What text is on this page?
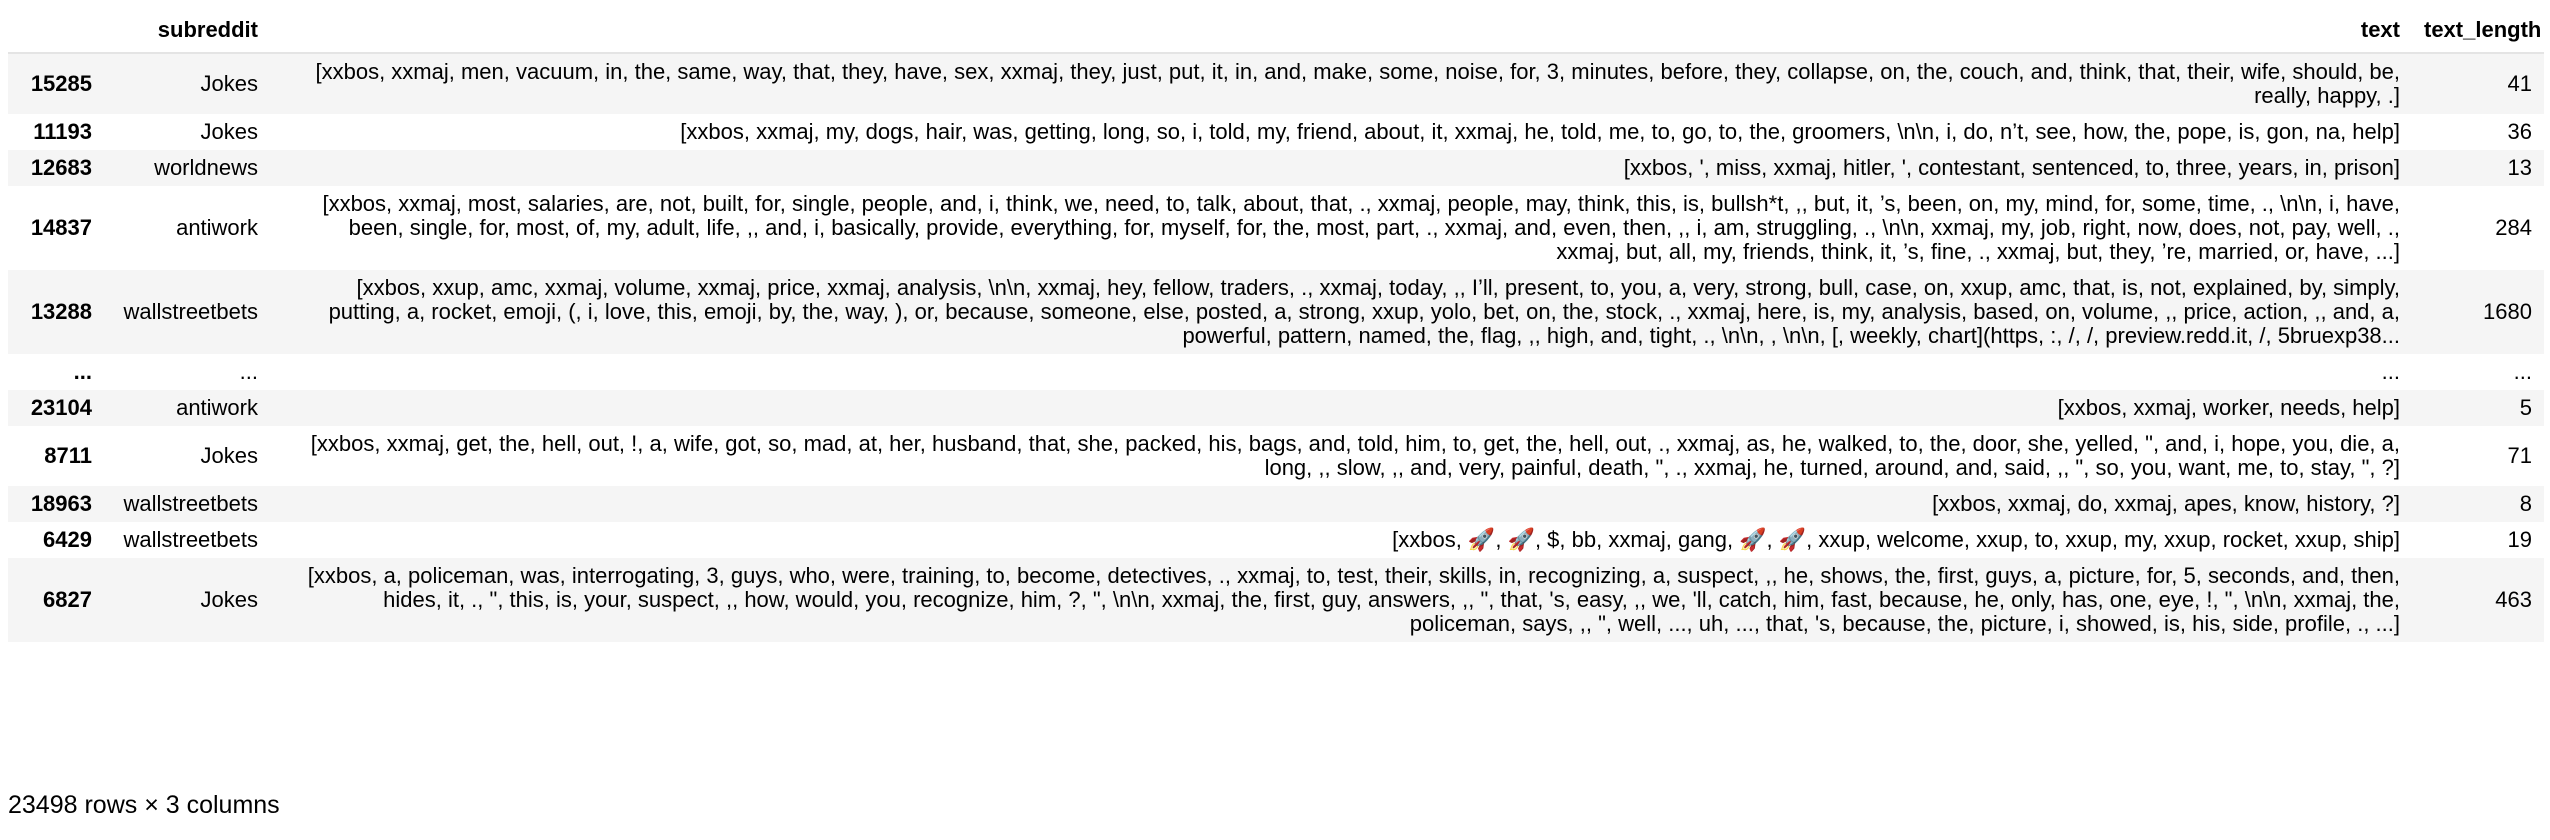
	subreddit	text	text_length
15285	Jokes	[xxbos, xxmaj, men, vacuum, in, the, same, way, that, they, have, sex, xxmaj, they, just, put, it, in, and, make, some, noise, for, 3, minutes, before, they, collapse, on, the, couch, and, think, that, their, wife, should, be, really, happy, .]	41
11193	Jokes	[xxbos, xxmaj, my, dogs, hair, was, getting, long, so, i, told, my, friend, about, it, xxmaj, he, told, me, to, go, to, the, groomers, \n\n, i, do, n’t, see, how, the, pope, is, gon, na, help]	36
12683	worldnews	[xxbos, ', miss, xxmaj, hitler, ', contestant, sentenced, to, three, years, in, prison]	13
14837	antiwork	[xxbos, xxmaj, most, salaries, are, not, built, for, single, people, and, i, think, we, need, to, talk, about, that, ., xxmaj, people, may, think, this, is, bullsh*t, ,, but, it, ’s, been, on, my, mind, for, some, time, ., \n\n, i, have, been, single, for, most, of, my, adult, life, ,, and, i, basically, provide, everything, for, myself, for, the, most, part, ., xxmaj, and, even, then, ,, i, am, struggling, ., \n\n, xxmaj, my, job, right, now, does, not, pay, well, ., xxmaj, but, all, my, friends, think, it, ’s, fine, ., xxmaj, but, they, ’re, married, or, have, ...]	284
13288	wallstreetbets	[xxbos, xxup, amc, xxmaj, volume, xxmaj, price, xxmaj, analysis, \n\n, xxmaj, hey, fellow, traders, ., xxmaj, today, ,, I’ll, present, to, you, a, very, strong, bull, case, on, xxup, amc, that, is, not, explained, by, simply, putting, a, rocket, emoji, (, i, love, this, emoji, by, the, way, ), or, because, someone, else, posted, a, strong, xxup, yolo, bet, on, the, stock, ., xxmaj, here, is, my, analysis, based, on, volume, ,, price, action, ,, and, a, powerful, pattern, named, the, flag, ,, high, and, tight, ., \n\n, , \n\n, [, weekly, chart](https, :, /, /, preview.redd.it, /, 5bruexp38...	1680
...	...	...	...
23104	antiwork	[xxbos, xxmaj, worker, needs, help]	5
8711	Jokes	[xxbos, xxmaj, get, the, hell, out, !, a, wife, got, so, mad, at, her, husband, that, she, packed, his, bags, and, told, him, to, get, the, hell, out, ., xxmaj, as, he, walked, to, the, door, she, yelled, ", and, i, hope, you, die, a, long, ,, slow, ,, and, very, painful, death, ", ., xxmaj, he, turned, around, and, said, ,, ", so, you, want, me, to, stay, ", ?]	71
18963	wallstreetbets	[xxbos, xxmaj, do, xxmaj, apes, know, history, ?]	8
6429	wallstreetbets	[xxbos, 🚀, 🚀, $, bb, xxmaj, gang, 🚀, 🚀, xxup, welcome, xxup, to, xxup, my, xxup, rocket, xxup, ship]	19
6827	Jokes	[xxbos, a, policeman, was, interrogating, 3, guys, who, were, training, to, become, detectives, ., xxmaj, to, test, their, skills, in, recognizing, a, suspect, ,, he, shows, the, first, guys, a, picture, for, 5, seconds, and, then, hides, it, ., ", this, is, your, suspect, ,, how, would, you, recognize, him, ?, ", \n\n, xxmaj, the, first, guy, answers, ,, ", that, 's, easy, ,, we, 'll, catch, him, fast, because, he, only, has, one, eye, !, ", \n\n, xxmaj, the, policeman, says, ,, ", well, ..., uh, ..., that, 's, because, the, picture, i, showed, is, his, side, profile, ., ...]	463
23498 rows × 3 columns
